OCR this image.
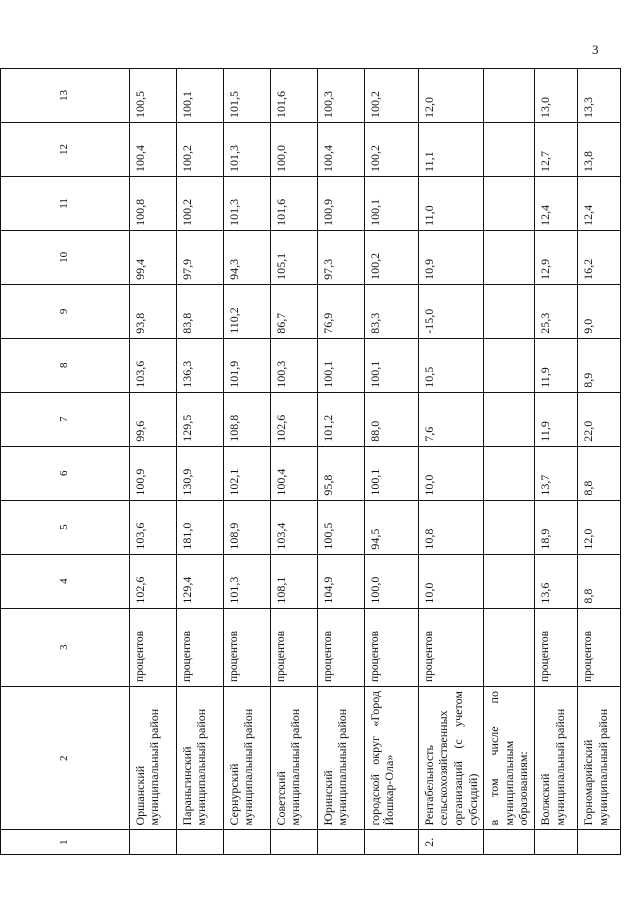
3
1	2	3	4	5	6	7	8	9	10	11	12	13
	Оршанский муниципальный район	процентов	102,6	103,6	100,9	99,6	103,6	93,8	99,4	100,8	100,4	100,5
	Параньгинский муниципальный район	процентов	129,4	181,0	130,9	129,5	136,3	83,8	97,9	100,2	100,2	100,1
	Сернурский муниципальный район	процентов	101,3	108,9	102,1	108,8	101,9	110,2	94,3	101,3	101,3	101,5
	Советский муниципальный район	процентов	108,1	103,4	100,4	102,6	100,3	86,7	105,1	101,6	100,0	101,6
	Юринский муниципальный район	процентов	104,9	100,5	95,8	101,2	100,1	76,9	97,3	100,9	100,4	100,3
	городской округ «Город Йошкар-Ола»	процентов	100,0	94,5	100,1	88,0	100,1	83,3	100,2	100,1	100,2	100,2
2.	Рентабельность сельскохозяйственных организаций (с учетом субсидий)	процентов	10,0	10,8	10,0	7,6	10,5	-15,0	10,9	11,0	11,1	12,0
	в том числе по муниципальным образованиям:											
	Волжский муниципальный район	процентов	13,6	18,9	13,7	11,9	11,9	25,3	12,9	12,4	12,7	13,0
	Горномарийский муниципальный район	процентов	8,8	12,0	8,8	22,0	8,9	9,0	16,2	12,4	13,8	13,3
